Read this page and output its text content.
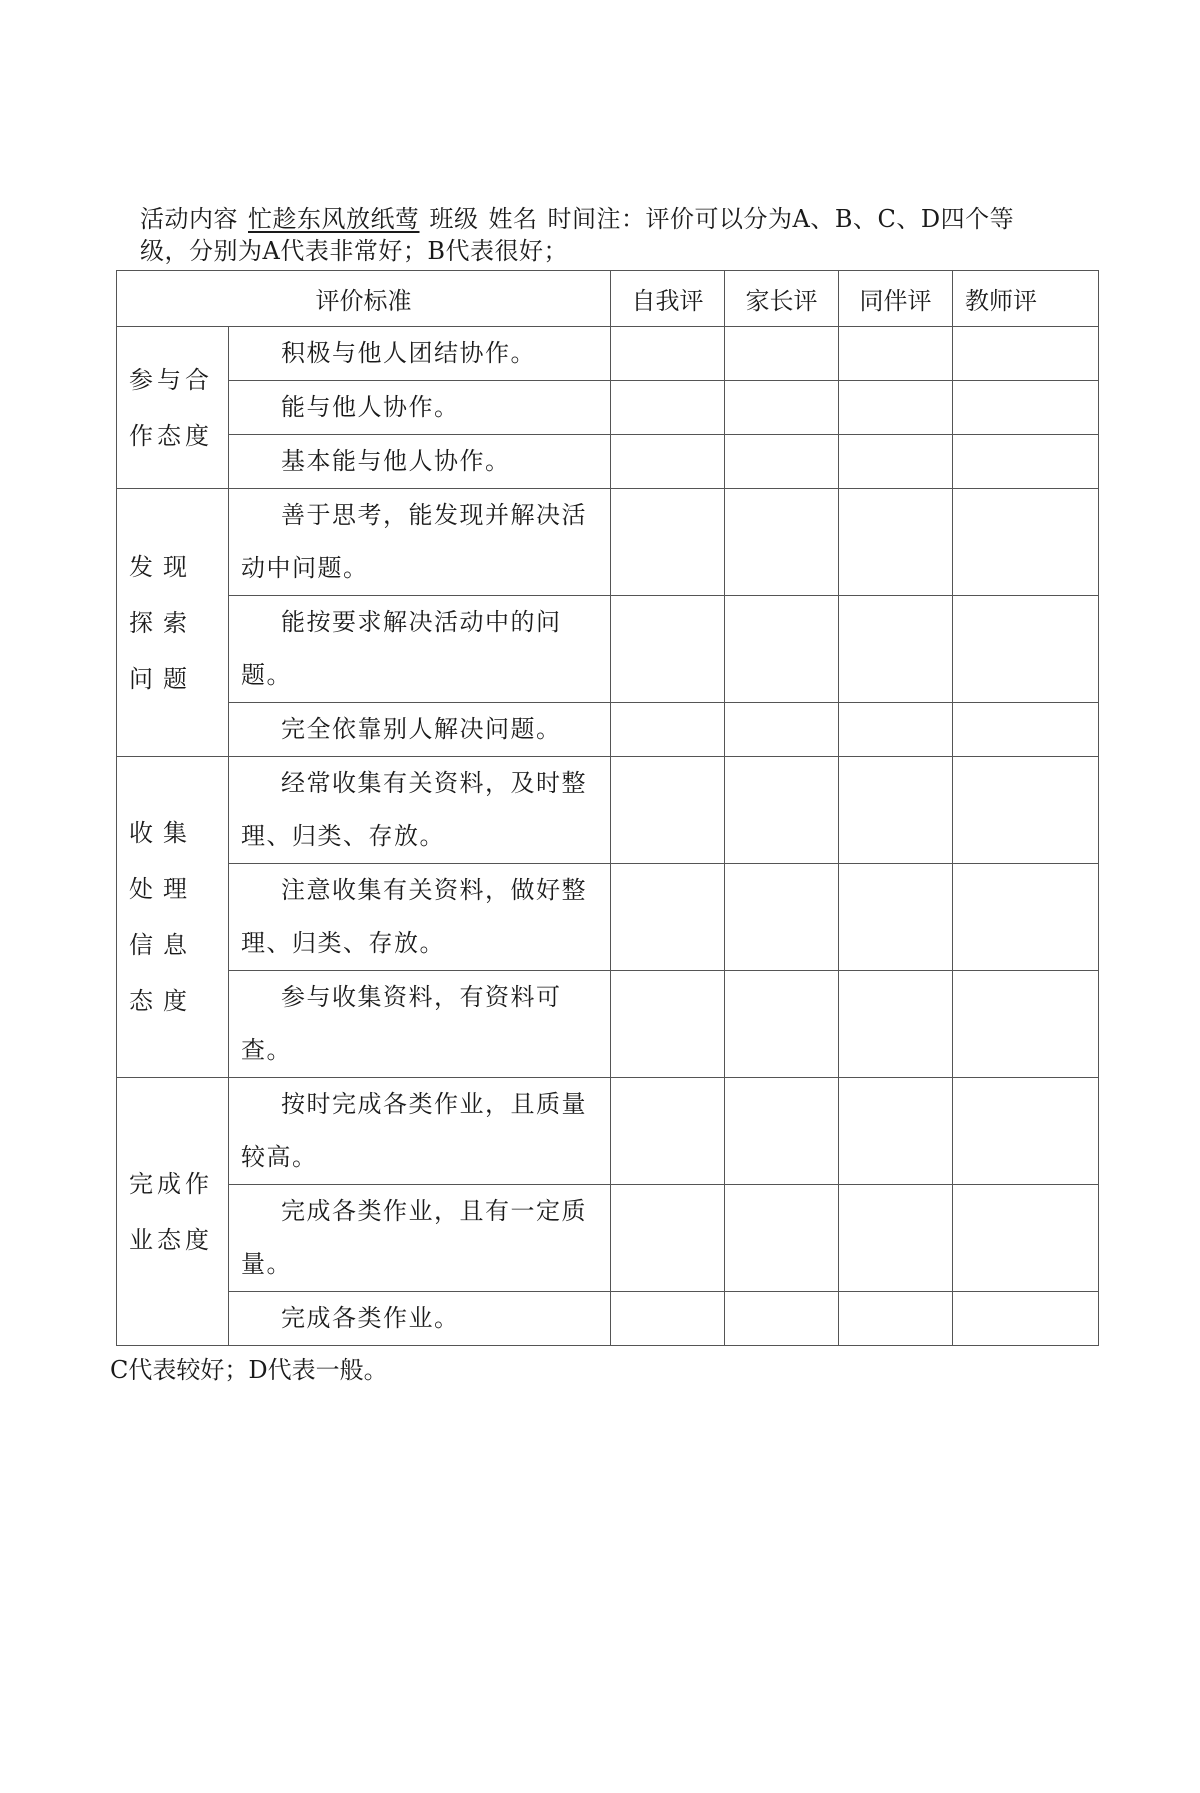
活动内容 忙趁东风放纸莺 班级 姓名 时间注：评价可以分为A、B、C、D四个等
级，分别为A代表非常好；B代表很好；
评价标准		自我评	家长评	同伴评	教师评
参与合作态度	积极与他人团结协作。				
	能与他人协作。				
	基本能与他人协作。				
发现探索问题	善于思考，能发现并解决活动中问题。				
	能按要求解决活动中的问题。				
	完全依靠别人解决问题。				
收集处理信息态度	经常收集有关资料，及时整理、归类、存放。				
	注意收集有关资料，做好整理、归类、存放。				
	参与收集资料，有资料可查。				
完成作业态度	按时完成各类作业，且质量较高。				
	完成各类作业，且有一定质量。				
	完成各类作业。				
C代表较好；D代表一般。
